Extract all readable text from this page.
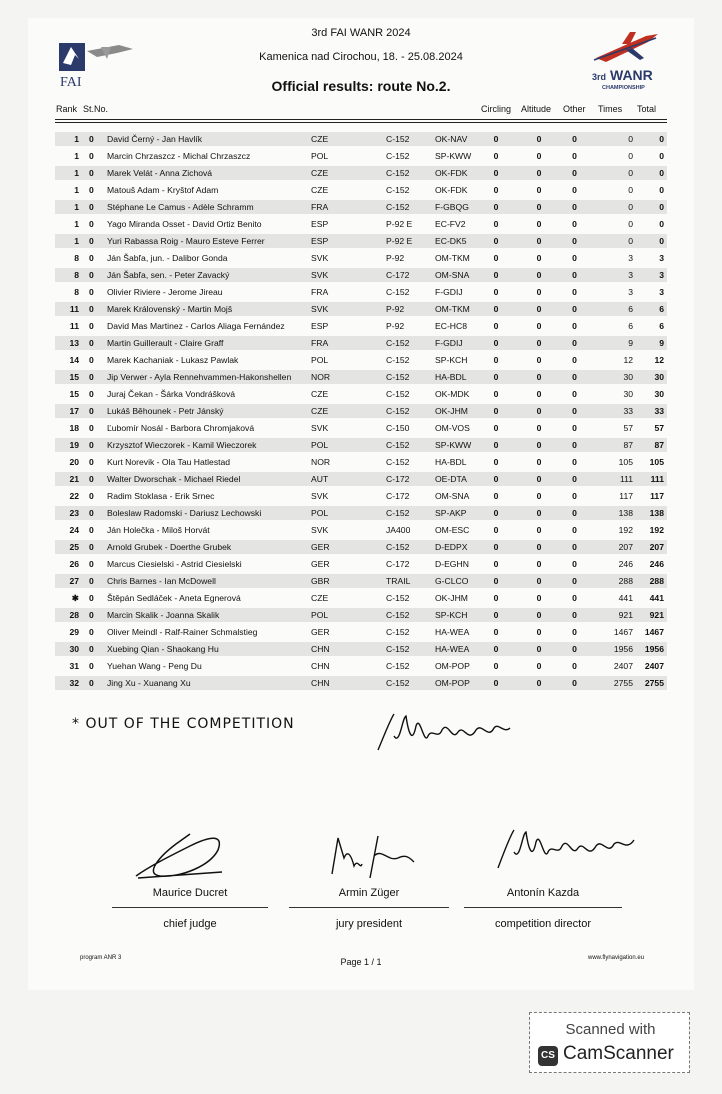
FAI	3rd WANR
CHAMPIONSHIP
3rd FAI WANR 2024
Kamenica nad Cirochou, 18. - 25.08.2024
Official results: route No.2.
Rank St.No.	Circling Altitude Other Times Total
1 0 David Černý - Jan Havlík	CZE	C-152	OK-NAV	0	0	0	0	0
1 0 Marcin Chrzaszcz - Michal Chrzaszcz	POL	C-152	SP-KWW	0	0	0	0	0
1 0 Marek Velát - Anna Zichová	CZE	C-152	OK-FDK	0	0	0	0	0
1 0 Matouš Adam - Kryštof Adam	CZE	C-152	OK-FDK	0	0	0	0	0
1 0 Stéphane Le Camus - Adèle Schramm	FRA	C-152	F-GBQG	0	0	0	0	0
1 0 Yago Miranda Osset - David Ortiz Benito	ESP	P-92 E	EC-FV2	0	0	0	0	0
1 0 Yuri Rabassa Roig - Mauro Esteve Ferrer	ESP	P-92 E	EC-DK5	0	0	0	0	0
8 0 Ján Šabľa, jun. - Dalibor Gonda	SVK	P-92	OM-TKM	0	0	0	3	3
8 0 Ján Šabľa, sen. - Peter Zavacký	SVK	C-172	OM-SNA	0	0	0	3	3
8 0 Olivier Riviere - Jerome Jireau	FRA	C-152	F-GDIJ	0	0	0	3	3
11 0 Marek Královenský - Martin Mojš	SVK	P-92	OM-TKM	0	0	0	6	6
11 0 David Mas Martinez - Carlos Aliaga Fernández	ESP	P-92	EC-HC8	0	0	0	6	6
13 0 Martin Guillerault - Claire Graff	FRA	C-152	F-GDIJ	0	0	0	9	9
14 0 Marek Kachaniak - Lukasz Pawlak	POL	C-152	SP-KCH	0	0	0	12	12
15 0 Jip Verwer - Ayla Rennehvammen-Hakonshellen	NOR	C-152	HA-BDL	0	0	0	30	30
15 0 Juraj Čekan - Šárka Vondrášková	CZE	C-152	OK-MDK	0	0	0	30	30
17 0 Lukáš Běhounek - Petr Jánský	CZE	C-152	OK-JHM	0	0	0	33	33
18 0 Ľubomír Nosál - Barbora Chromjaková	SVK	C-150	OM-VOS	0	0	0	57	57
19 0 Krzysztof Wieczorek - Kamil Wieczorek	POL	C-152	SP-KWW	0	0	0	87	87
20 0 Kurt Norevik - Ola Tau Hatlestad	NOR	C-152	HA-BDL	0	0	0	105	105
21 0 Walter Dworschak - Michael Riedel	AUT	C-172	OE-DTA	0	0	0	111	111
22 0 Radim Stoklasa - Erik Srnec	SVK	C-172	OM-SNA	0	0	0	117	117
23 0 Boleslaw Radomski - Dariusz Lechowski	POL	C-152	SP-AKP	0	0	0	138	138
24 0 Ján Holečka - Miloš Horvát	SVK	JA400	OM-ESC	0	0	0	192	192
25 0 Arnold Grubek - Doerthe Grubek	GER	C-152	D-EDPX	0	0	0	207	207
26 0 Marcus Ciesielski - Astrid Ciesielski	GER	C-172	D-EGHN	0	0	0	246	246
27 0 Chris Barnes - Ian McDowell	GBR	TRAIL	G-CLCO	0	0	0	288	288
✱ 0 Štěpán Sedláček - Aneta Egnerová	CZE	C-152	OK-JHM	0	0	0	441	441
28 0 Marcin Skalik - Joanna Skalik	POL	C-152	SP-KCH	0	0	0	921	921
29 0 Oliver Meindl - Ralf-Rainer Schmalstieg	GER	C-152	HA-WEA	0	0	0	1467	1467
30 0 Xuebing Qian - Shaokang Hu	CHN	C-152	HA-WEA	0	0	0	1956	1956
31 0 Yuehan Wang - Peng Du	CHN	C-152	OM-POP	0	0	0	2407	2407
32 0 Jing Xu - Xuanang Xu	CHN	C-152	OM-POP	0	0	0	2755	2755
* OUT OF THE COMPETITION
Maurice Ducret	Armin Züger	Antonín Kazda
chief judge	jury president	competition director
program ANR 3	Page 1 / 1	www.flynavigation.eu
Scanned with
CS CamScanner
